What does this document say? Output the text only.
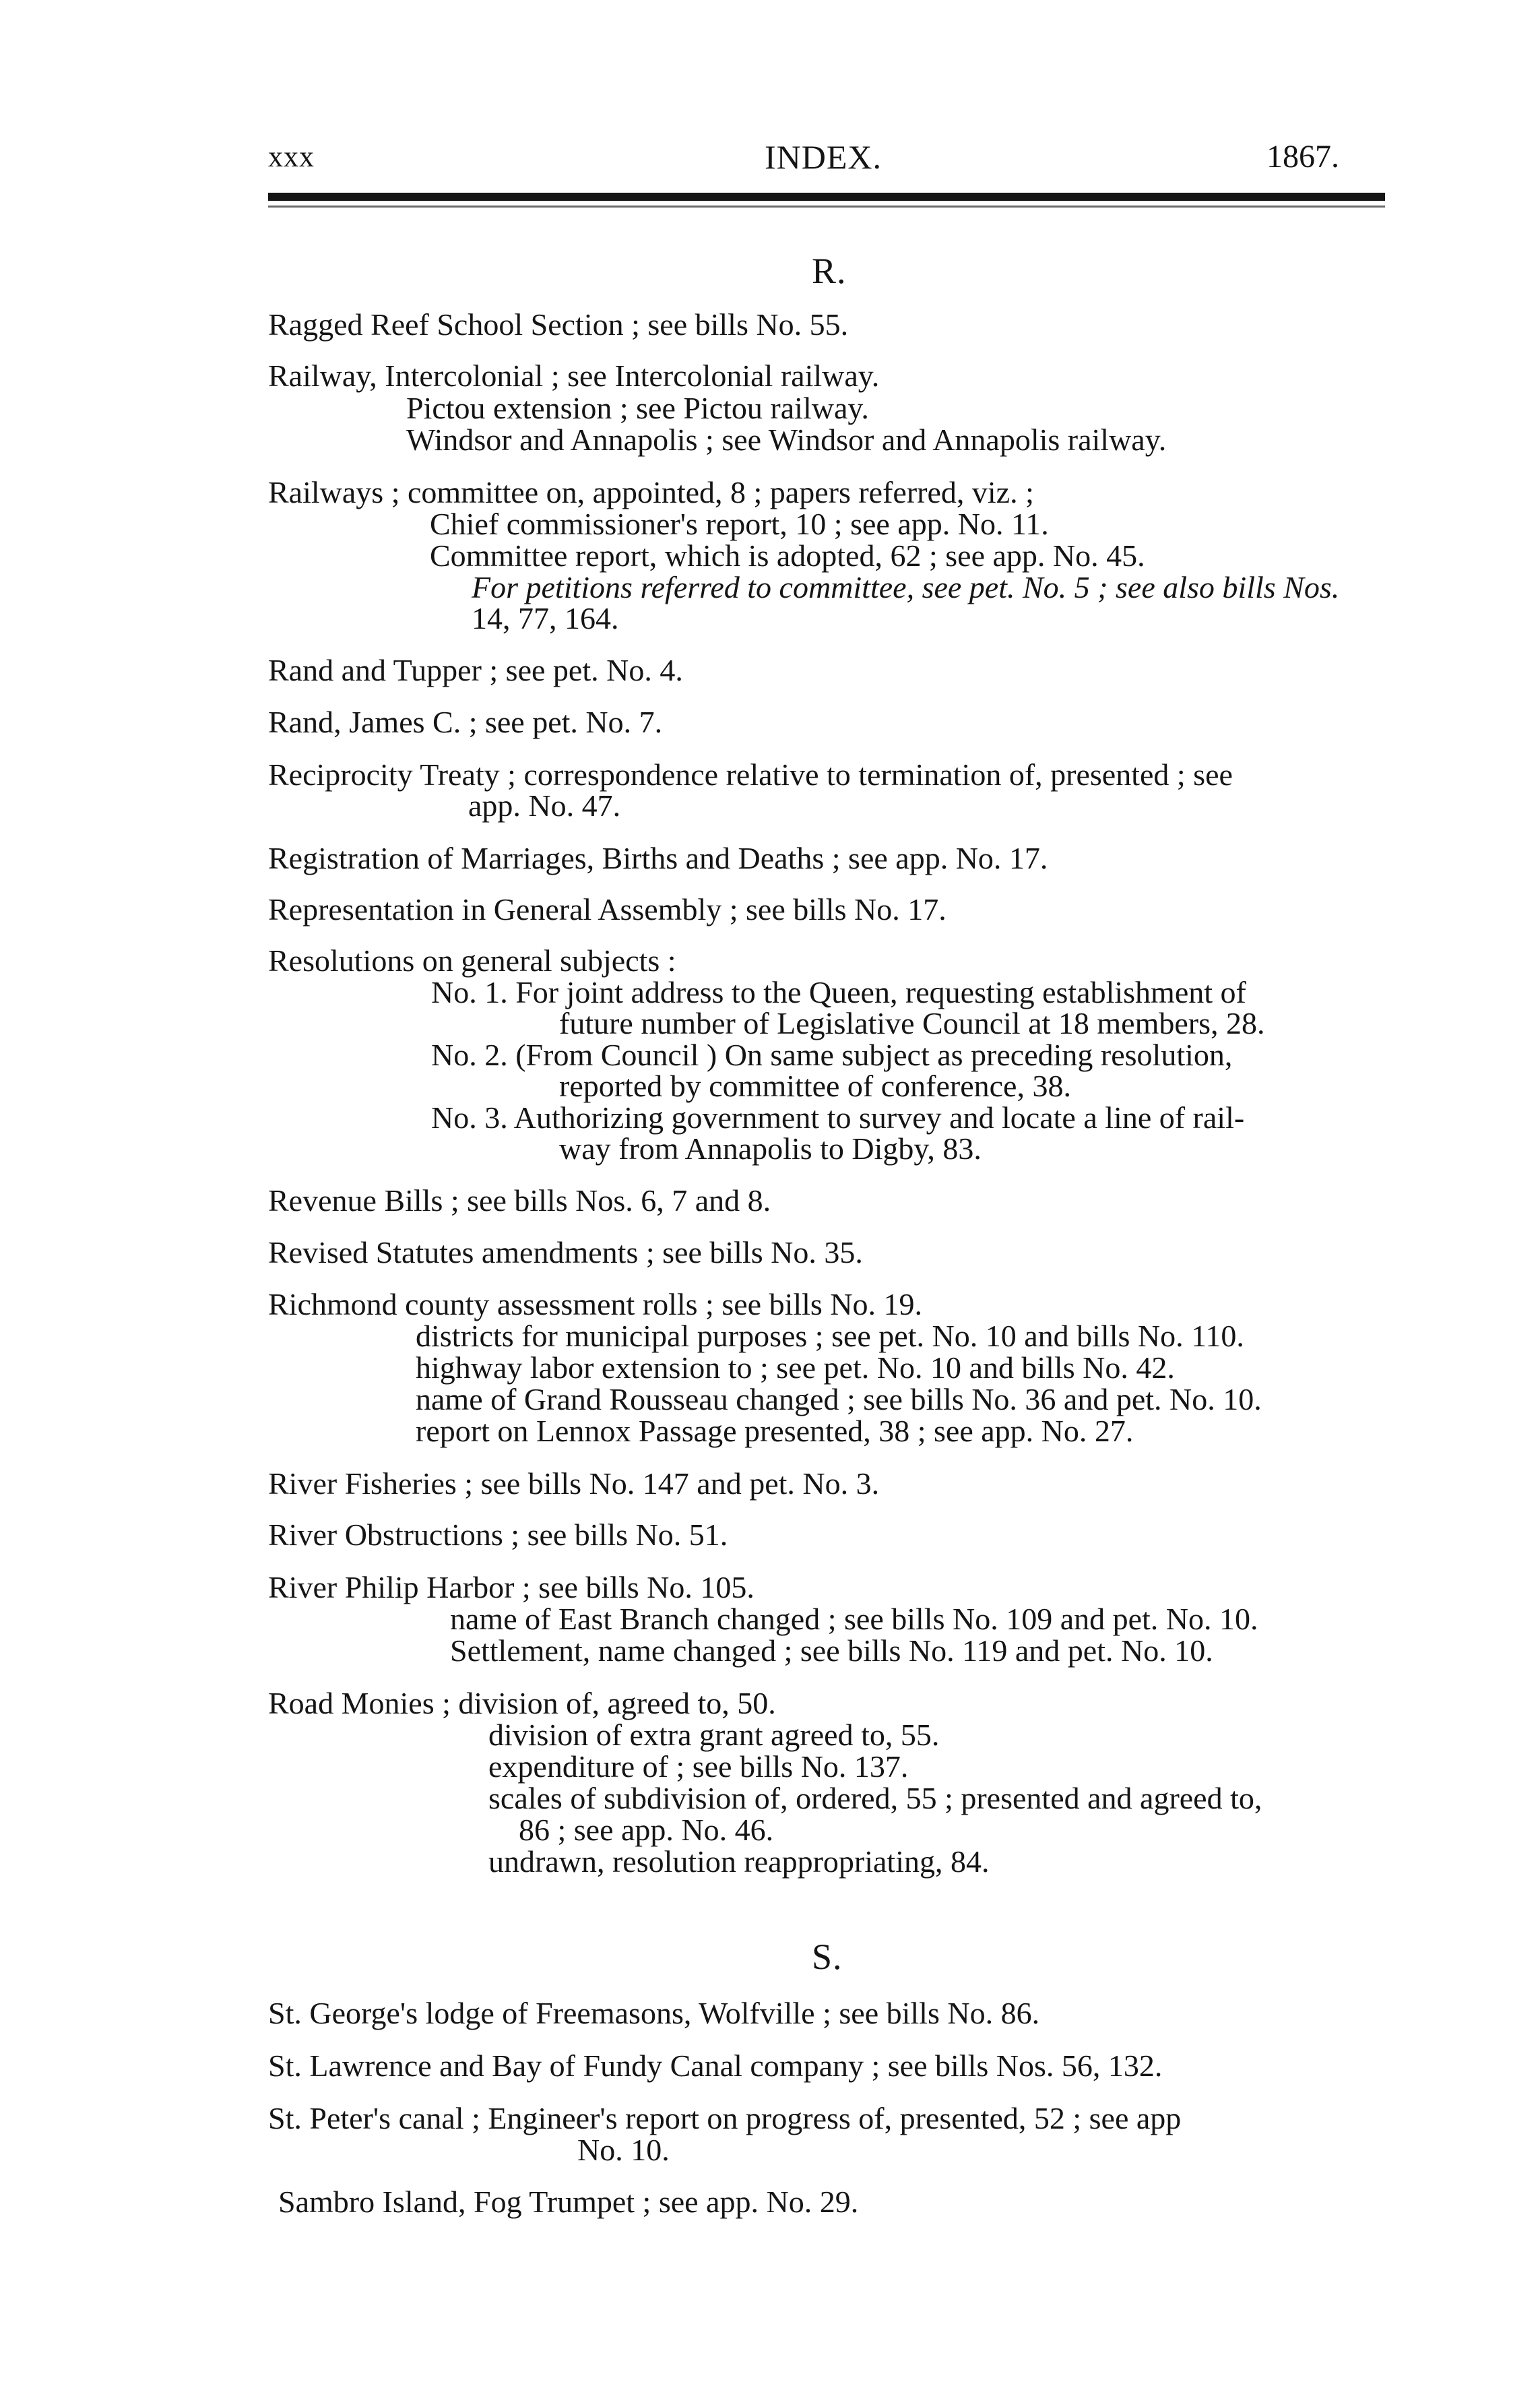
xxx	INDEX.	1867.
R.
Ragged Reef School Section ; see bills No. 55.
Railway, Intercolonial ; see Intercolonial railway.
Pictou extension ; see Pictou railway.
Windsor and Annapolis ; see Windsor and Annapolis railway.
Railways ; committee on, appointed, 8 ; papers referred, viz. ;
Chief commissioner's report, 10 ; see app. No. 11.
Committee report, which is adopted, 62 ; see app. No. 45.
For petitions referred to committee, see pet. No. 5 ; see also bills Nos.
14, 77, 164.
Rand and Tupper ; see pet. No. 4.
Rand, James C. ; see pet. No. 7.
Reciprocity Treaty ; correspondence relative to termination of, presented ; see
app. No. 47.
Registration of Marriages, Births and Deaths ; see app. No. 17.
Representation in General Assembly ; see bills No. 17.
Resolutions on general subjects :
No. 1. For joint address to the Queen, requesting establishment of
future number of Legislative Council at 18 members, 28.
No. 2. (From Council ) On same subject as preceding resolution,
reported by committee of conference, 38.
No. 3. Authorizing government to survey and locate a line of rail-
way from Annapolis to Digby, 83.
Revenue Bills ; see bills Nos. 6, 7 and 8.
Revised Statutes amendments ; see bills No. 35.
Richmond county assessment rolls ; see bills No. 19.
districts for municipal purposes ; see pet. No. 10 and bills No. 110.
highway labor extension to ; see pet. No. 10 and bills No. 42.
name of Grand Rousseau changed ; see bills No. 36 and pet. No. 10.
report on Lennox Passage presented, 38 ; see app. No. 27.
River Fisheries ; see bills No. 147 and pet. No. 3.
River Obstructions ; see bills No. 51.
River Philip Harbor ; see bills No. 105.
name of East Branch changed ; see bills No. 109 and pet. No. 10.
Settlement, name changed ; see bills No. 119 and pet. No. 10.
Road Monies ; division of, agreed to, 50.
division of extra grant agreed to, 55.
expenditure of ; see bills No. 137.
scales of subdivision of, ordered, 55 ; presented and agreed to,
86 ; see app. No. 46.
undrawn, resolution reappropriating, 84.
S.
St. George's lodge of Freemasons, Wolfville ; see bills No. 86.
St. Lawrence and Bay of Fundy Canal company ; see bills Nos. 56, 132.
St. Peter's canal ; Engineer's report on progress of, presented, 52 ; see app
No. 10.
Sambro Island, Fog Trumpet ; see app. No. 29.
